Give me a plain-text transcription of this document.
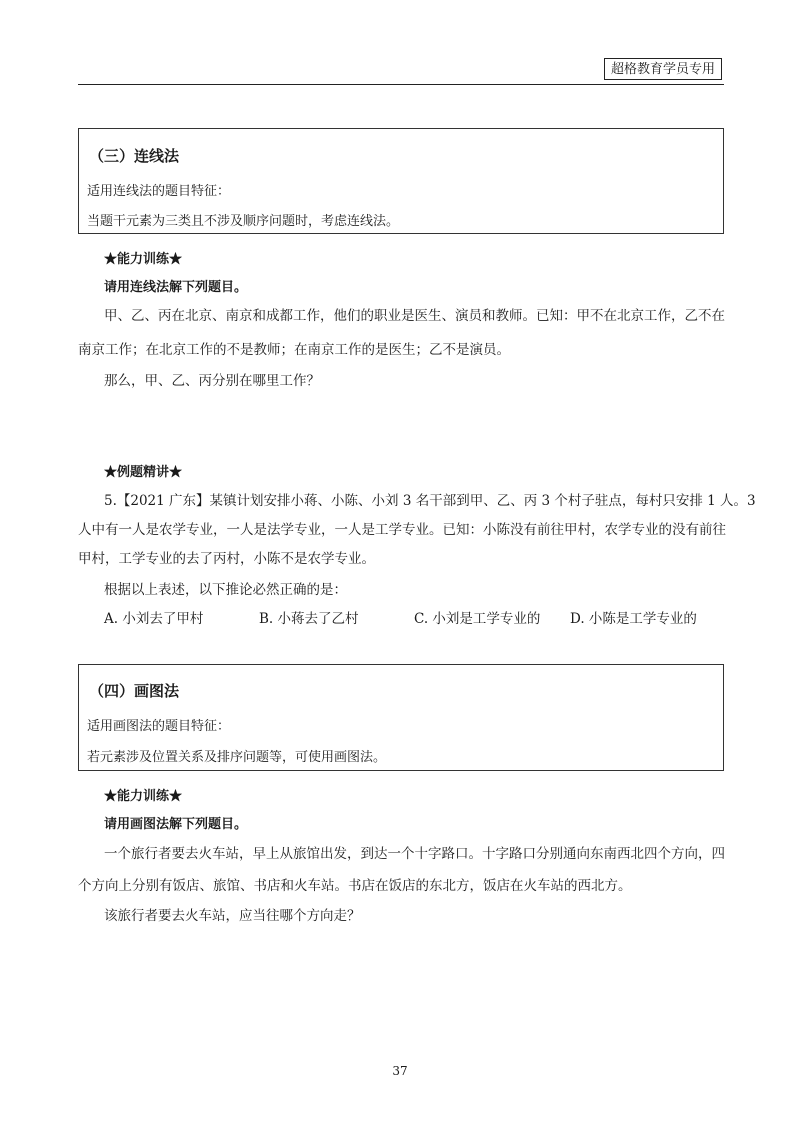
超格教育学员专用
（三）连线法
适用连线法的题目特征：
当题干元素为三类且不涉及顺序问题时，考虑连线法。
★能力训练★
请用连线法解下列题目。
甲、乙、丙在北京、南京和成都工作，他们的职业是医生、演员和教师。已知：甲不在北京工作，乙不在
南京工作；在北京工作的不是教师；在南京工作的是医生；乙不是演员。
那么，甲、乙、丙分别在哪里工作？
★例题精讲★
5.【2021 广东】某镇计划安排小蒋、小陈、小刘 3 名干部到甲、乙、丙 3 个村子驻点，每村只安排 1 人。3
人中有一人是农学专业，一人是法学专业，一人是工学专业。已知：小陈没有前往甲村，农学专业的没有前往
甲村，工学专业的去了丙村，小陈不是农学专业。
根据以上表述，以下推论必然正确的是：
A. 小刘去了甲村	B. 小蒋去了乙村	C. 小刘是工学专业的 D. 小陈是工学专业的
（四）画图法
适用画图法的题目特征：
若元素涉及位置关系及排序问题等，可使用画图法。
★能力训练★
请用画图法解下列题目。
一个旅行者要去火车站，早上从旅馆出发，到达一个十字路口。十字路口分别通向东南西北四个方向，四
个方向上分别有饭店、旅馆、书店和火车站。书店在饭店的东北方，饭店在火车站的西北方。
该旅行者要去火车站，应当往哪个方向走？
37
